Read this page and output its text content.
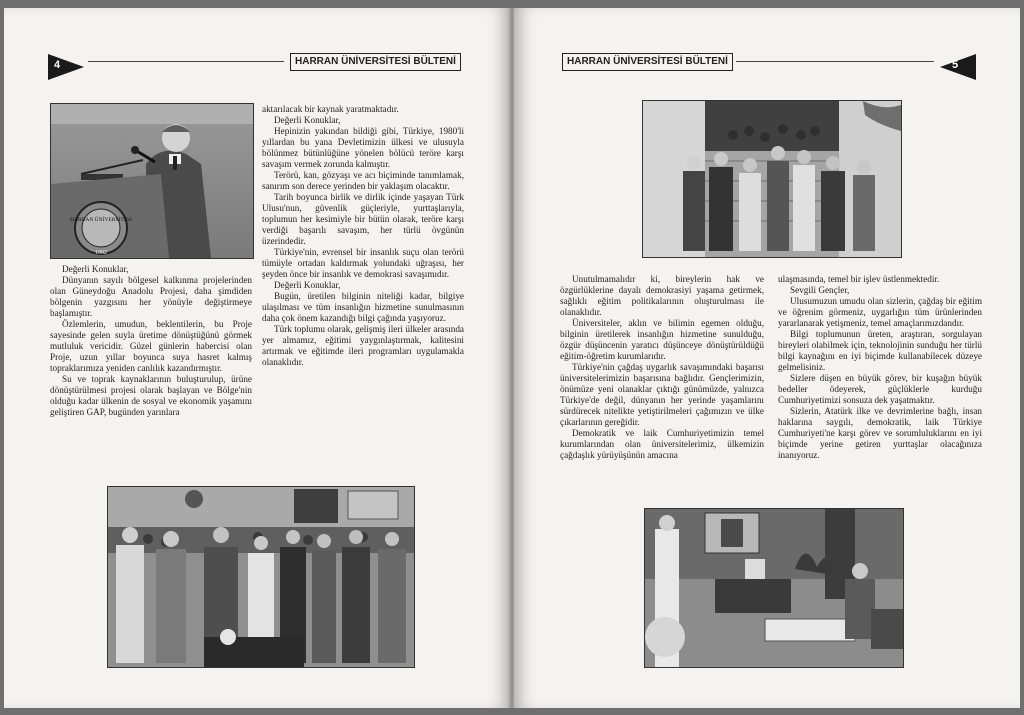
4	HARRAN ÜNİVERSİTESİ BÜLTENİ
HARRAN ÜNİVERSİTESİ
1992

Değerli Konuklar,

Dünyanın sayılı bölgesel kalkınma projelerinden olan Güneydoğu Anadolu Projesi, daha şimdiden bölgenin yazgısını her yönüyle değiştirmeye başlamıştır.

Özlemlerin, umudun, beklentilerin, bu Proje sayesinde gelen suyla üretime dönüştüğünü görmek mutluluk vericidir. Güzel günlerin habercisi olan Proje, uzun yıllar boyunca suya hasret kalmış topraklarımıza yeniden canlılık kazandırmıştır.

Su ve toprak kaynaklarının buluşturulup, ürüne dönüştürülmesi projesi olarak başlayan ve Bölge'nin olduğu kadar ülkenin de sosyal ve ekonomik yaşamını geliştiren GAP, bugünden yarınlara

aktarılacak bir kaynak yaratmaktadır.

Değerli Konuklar,

Hepinizin yakından bildiği gibi, Türkiye, 1980'li yıllardan bu yana Devletimizin ülkesi ve ulusuyla bölünmez bütünlüğüne yönelen bölücü teröre karşı savaşım vermek zorunda kalmıştır.

Terörü, kan, gözyaşı ve acı biçiminde tanımlamak, sanırım son derece yerinden bir yaklaşım olacaktır.

Tarih boyunca birlik ve dirlik içinde yaşayan Türk Ulusu'nun, güvenlik güçleriyle, yurttaşlarıyla, toplumun her kesimiyle bir bütün olarak, teröre karşı verdiği başarılı savaşım, her türlü övgünün üzerindedir.

Türkiye'nin, evrensel bir insanlık suçu olan terörü tümüyle ortadan kaldırmak yolundaki uğraşısı, her şeyden önce bir insanlık ve demokrasi savaşımıdır.

Değerli Konuklar,

Bugün, üretilen bilginin niteliği kadar, bilgiye ulaşılması ve tüm insanlığın hizmetine sunulmasının daha çok önem kazandığı bilgi çağında yaşıyoruz.

Türk toplumu olarak, gelişmiş ileri ülkeler arasında yer almamız, eğitimi yaygınlaştırmak, kalitesini artırmak ve eğitimde ileri programları uygulamakla olanaklıdır.

5
HARRAN ÜNİVERSİTESİ BÜLTENİ

Unutulmamalıdır ki, bireylerin hak ve özgürlüklerine dayalı demokrasiyi yaşama getirmek, sağlıklı eğitim politikalarının oluşturulması ile olanaklıdır.

Üniversiteler, aklın ve bilimin egemen olduğu, bilginin üretilerek insanlığın hizmetine sunulduğu, özgür düşüncenin yaratıcı düşünceye dönüştürüldüğü eğitim-öğretim kurumlarıdır.

Türkiye'nin çağdaş uygarlık savaşımındaki başarısı üniversitelerimizin başarısına bağlıdır. Gençlerimizin, önümüze yeni olanaklar çıktığı günümüzde, yalnızca Türkiye'de değil, dünyanın her yerinde yaşamlarını sürdürecek nitelikte yetiştirilmeleri çağımızın ve ülke çıkarlarının gereğidir.

Demokratik ve laik Cumhuriyetimizin temel kurumlarından olan üniversitelerimiz, ülkemizin çağdaşlık yürüyüşünün amacına

ulaşmasında, temel bir işlev üstlenmektedir.

Sevgili Gençler,

Ulusumuzun umudu olan sizlerin, çağdaş bir eğitim ve öğrenim görmeniz, uygarlığın tüm ürünlerinden yararlanarak yetişmeniz, temel amaçlarımızdandır.

Bilgi toplumunun üreten, araştıran, sorgulayan bireyleri olabilmek için, teknolojinin sunduğu her türlü bilgi kaynağını en iyi biçimde kullanabilecek düzeye gelmelisiniz.

Sizlere düşen en büyük görev, bir kuşağın büyük bedeller ödeyerek, güçlüklerle kurduğu Cumhuriyetimizi sonsuza dek yaşatmaktır.

Sizlerin, Atatürk ilke ve devrimlerine bağlı, insan haklarına saygılı, demokratik, laik Türkiye Cumhuriyeti'ne karşı görev ve sorumluluklarını en iyi biçimde yerine getiren yurttaşlar olacağınıza inanıyoruz.
